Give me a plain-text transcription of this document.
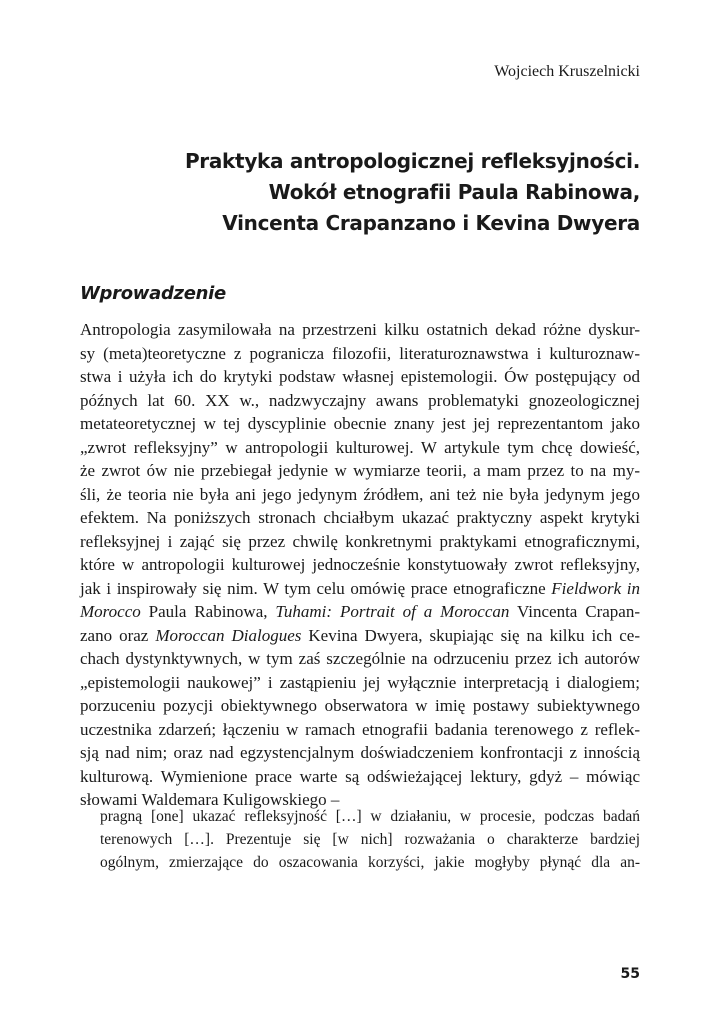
Wojciech Kruszelnicki
Praktyka antropologicznej refleksyjności.
Wokół etnografii Paula Rabinowa,
Vincenta Crapanzano i Kevina Dwyera
Wprowadzenie
Antropologia zasymilowała na przestrzeni kilku ostatnich dekad różne dyskur-
sy (meta)teoretyczne z pogranicza filozofii, literaturoznawstwa i kulturoznaw-
stwa i użyła ich do krytyki podstaw własnej epistemologii. Ów postępujący od
późnych lat 60. XX w., nadzwyczajny awans problematyki gnozeologicznej
metateoretycznej w tej dyscyplinie obecnie znany jest jej reprezentantom jako
„zwrot refleksyjny” w antropologii kulturowej. W artykule tym chcę dowieść,
że zwrot ów nie przebiegał jedynie w wymiarze teorii, a mam przez to na my-
śli, że teoria nie była ani jego jedynym źródłem, ani też nie była jedynym jego
efektem. Na poniższych stronach chciałbym ukazać praktyczny aspekt krytyki
refleksyjnej i zająć się przez chwilę konkretnymi praktykami etnograficznymi,
które w antropologii kulturowej jednocześnie konstytuowały zwrot refleksyjny,
jak i inspirowały się nim. W tym celu omówię prace etnograficzne Fieldwork in
Morocco Paula Rabinowa, Tuhami: Portrait of a Moroccan Vincenta Crapan-
zano oraz Moroccan Dialogues Kevina Dwyera, skupiając się na kilku ich ce-
chach dystynktywnych, w tym zaś szczególnie na odrzuceniu przez ich autorów
„epistemologii naukowej” i zastąpieniu jej wyłącznie interpretacją i dialogiem;
porzuceniu pozycji obiektywnego obserwatora w imię postawy subiektywnego
uczestnika zdarzeń; łączeniu w ramach etnografii badania terenowego z reflek-
sją nad nim; oraz nad egzystencjalnym doświadczeniem konfrontacji z innością
kulturową. Wymienione prace warte są odświeżającej lektury, gdyż – mówiąc
słowami Waldemara Kuligowskiego –
pragną [one] ukazać refleksyjność […] w działaniu, w procesie, podczas badań
terenowych […]. Prezentuje się [w nich] rozważania o charakterze bardziej
ogólnym, zmierzające do oszacowania korzyści, jakie mogłyby płynąć dla an-
55
